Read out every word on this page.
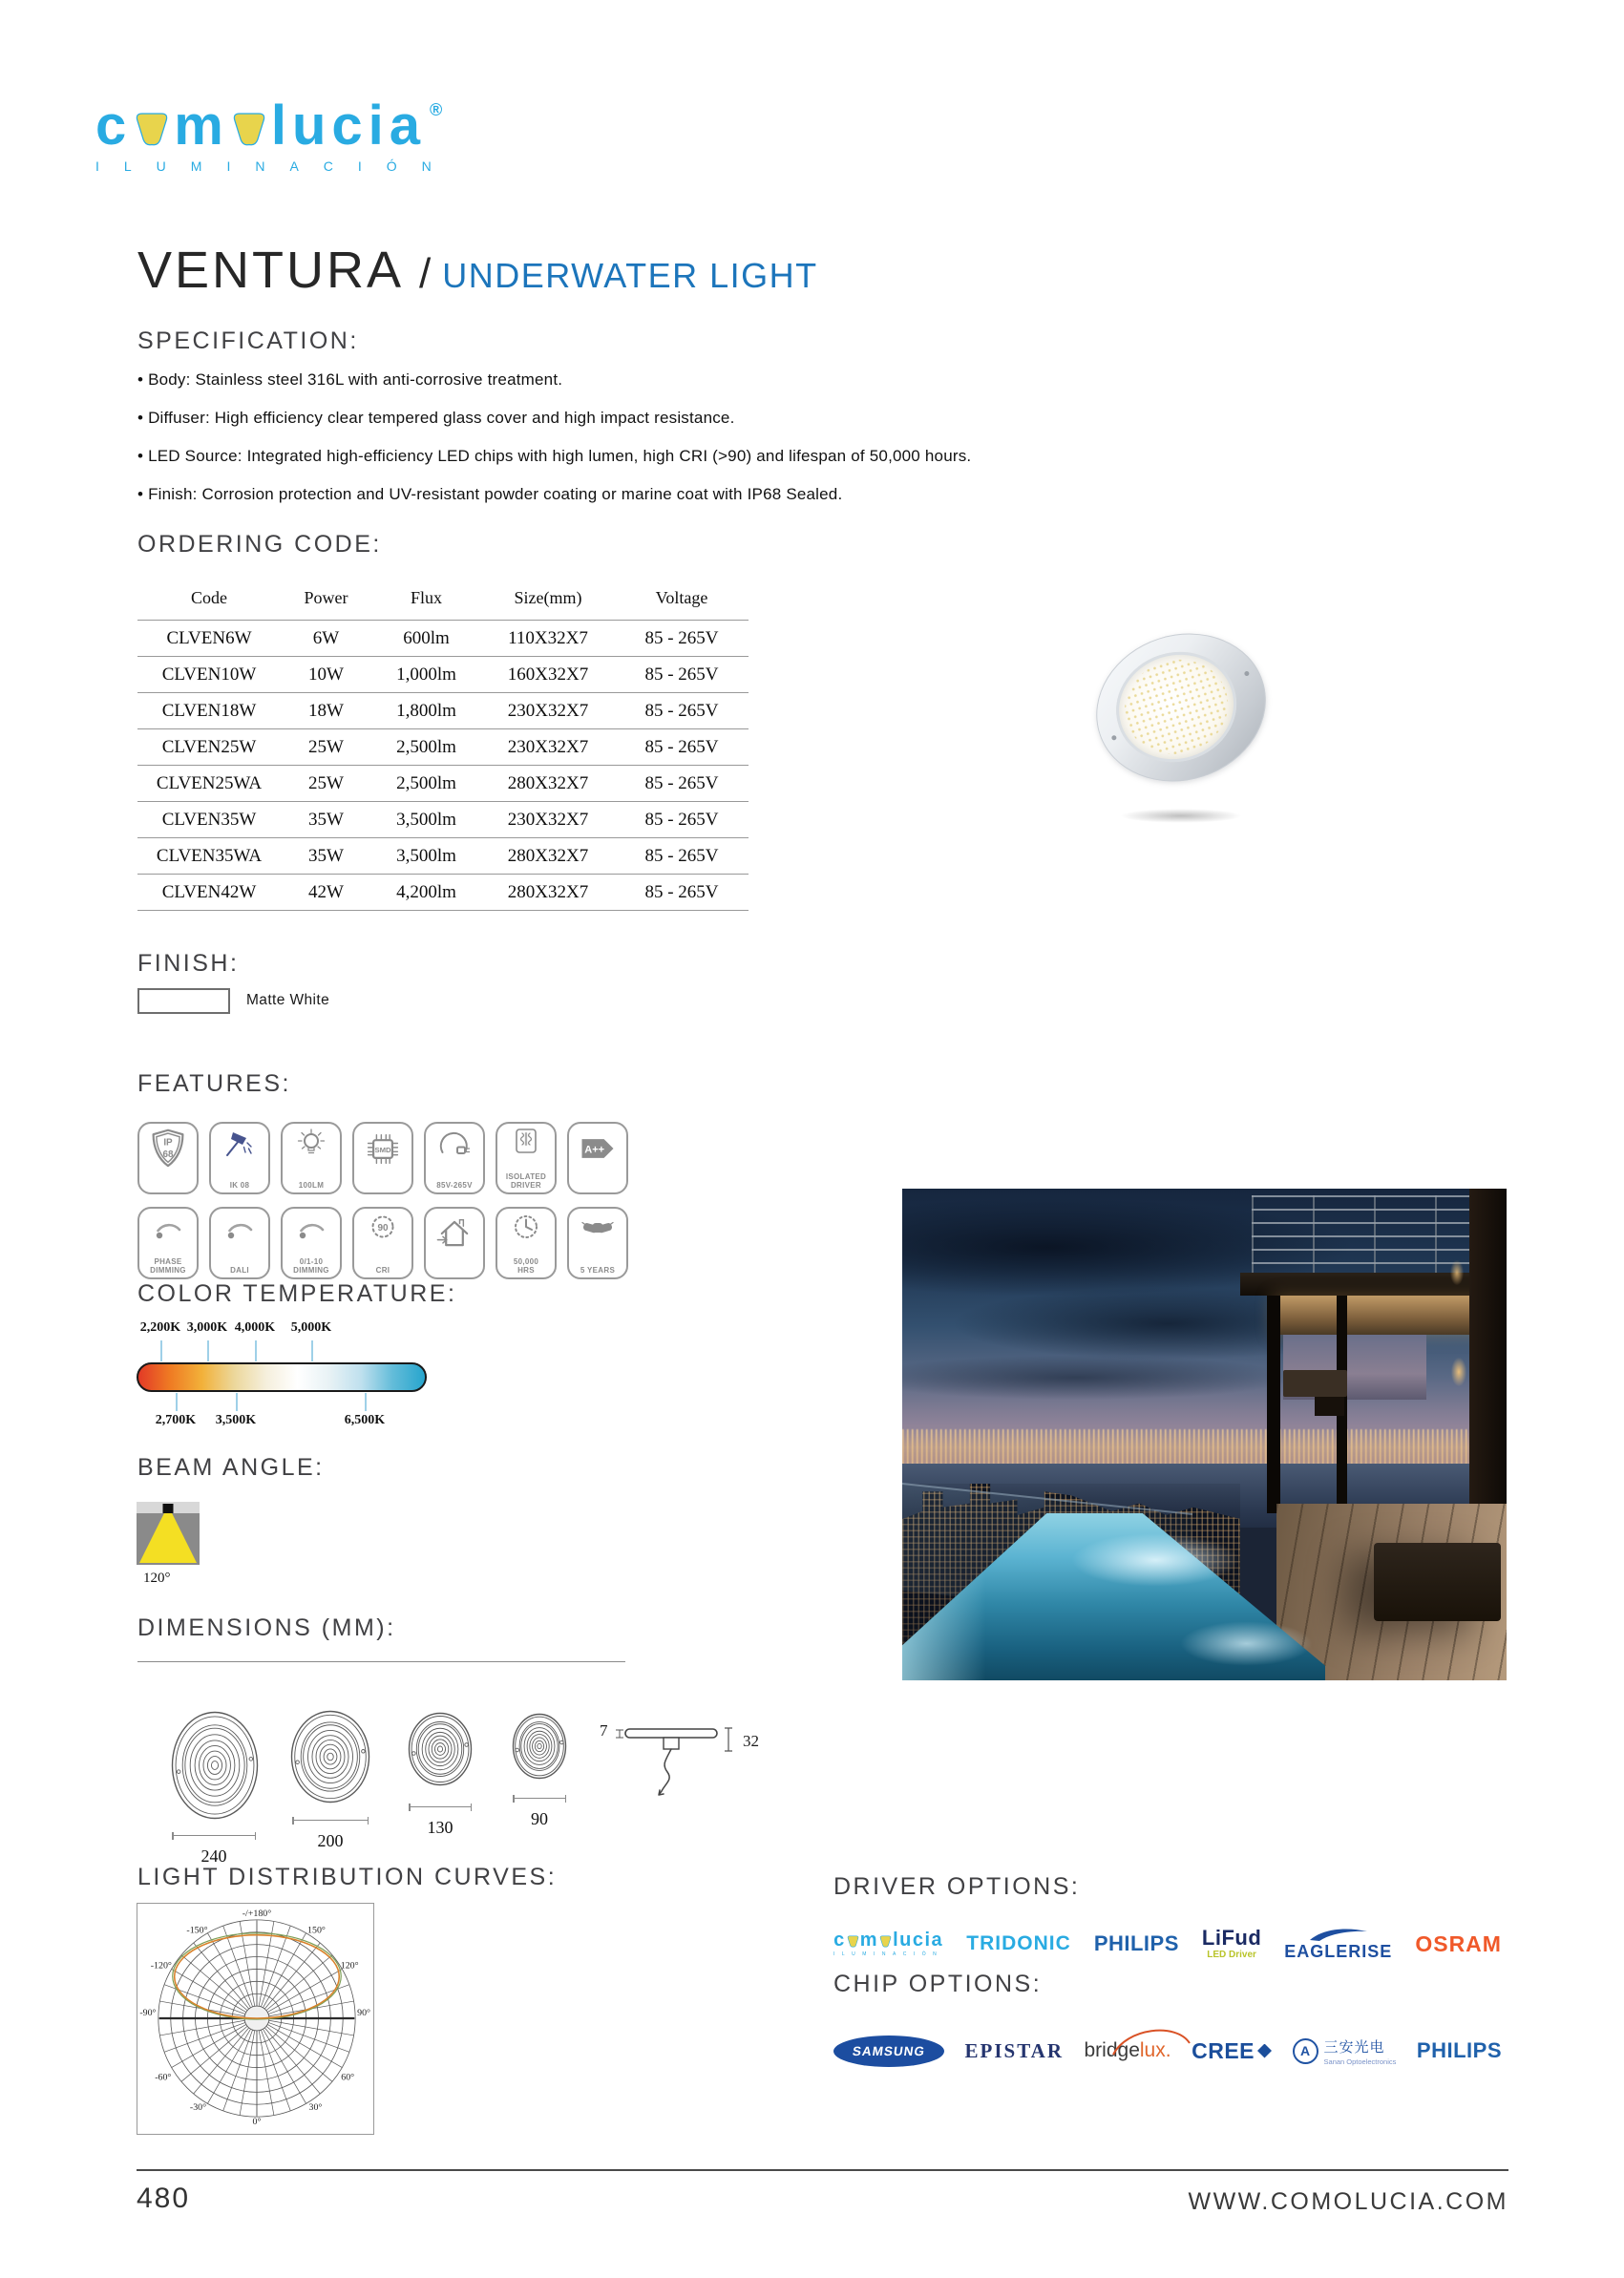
c m lucia ®
ILUMINACIÓN
VENTURA / UNDERWATER LIGHT
SPECIFICATION:
• Body: Stainless steel 316L with anti-corrosive treatment.
• Diffuser: High efficiency clear tempered glass cover and high impact resistance.
• LED Source: Integrated high-efficiency LED chips with high lumen, high CRI (>90) and lifespan of 50,000 hours.
• Finish: Corrosion protection and UV-resistant powder coating or marine coat with IP68 Sealed.
ORDERING CODE:
Code	Power	Flux	Size(mm)	Voltage
CLVEN6W	6W	600lm	110X32X7	85 - 265V
CLVEN10W	10W	1,000lm	160X32X7	85 - 265V
CLVEN18W	18W	1,800lm	230X32X7	85 - 265V
CLVEN25W	25W	2,500lm	230X32X7	85 - 265V
CLVEN25WA	25W	2,500lm	280X32X7	85 - 265V
CLVEN35W	35W	3,500lm	230X32X7	85 - 265V
CLVEN35WA	35W	3,500lm	280X32X7	85 - 265V
CLVEN42W	42W	4,200lm	280X32X7	85 - 265V
FINISH:
Matte White
FEATURES:
IP
68
IK 08	100LM
SMD
85V-265V
ISOLATED
DRIVER
A++
PHASE
DIMMING	DALI
0/1-10
DIMMING
90
CRI
50,000
HRS	5 YEARS
COLOR TEMPERATURE:
2,200K 3,000K 4,000K 5,000K
2,700K 3,500K	6,500K
BEAM ANGLE:
120°
DIMENSIONS (MM):
240
200
130	90
7
32
LIGHT DISTRIBUTION CURVES:
-/+180°
-150°	150°
-120°	120°
-90°	90°
-60°	60°
-30°	30°
0°
DRIVER OPTIONS:
c m lucia
ILUMINACIÓN TRIDONIC PHILIPS LiFud
LED Driver EAGLERISE OSRAM
CHIP OPTIONS:
SAMSUNG EPISTAR bridgelux. CREE	A 三安光电
Sanan Optoelectronics PHILIPS
480	WWW.COMOLUCIA.COM
